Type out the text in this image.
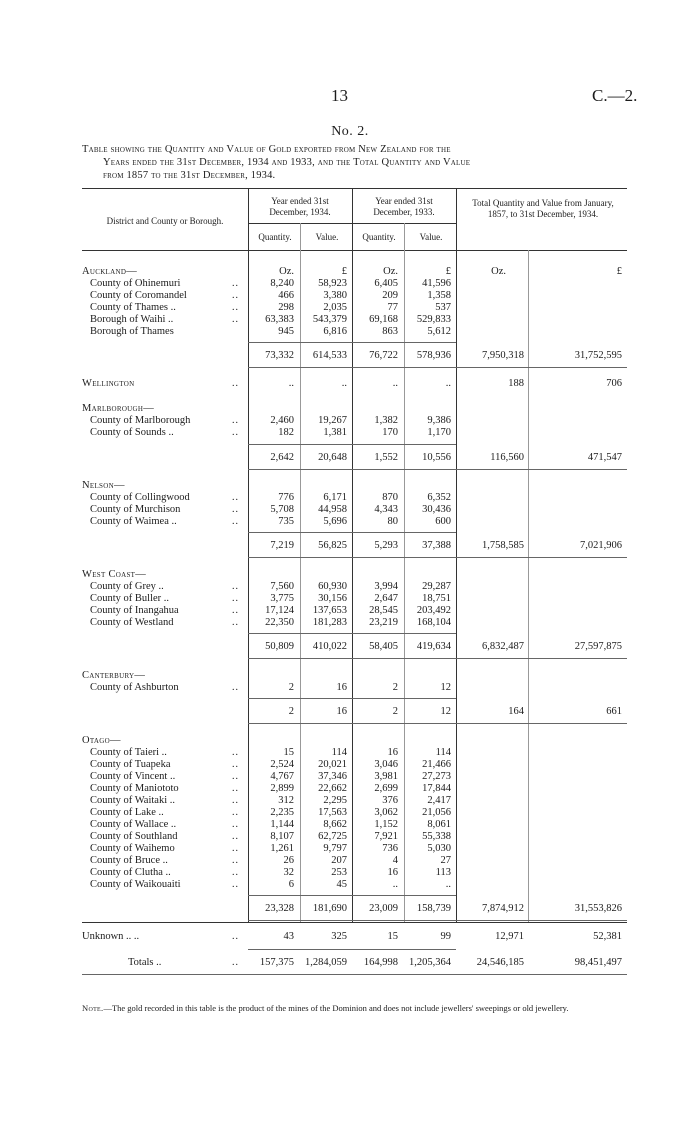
13	C.—2.
No. 2.
Table showing the Quantity and Value of Gold exported from New Zealand for the
Years ended the 31st December, 1934 and 1933, and the Total Quantity and Value
from 1857 to the 31st December, 1934.
District and County or Borough.
Year ended 31st December, 1934.
Year ended 31st December, 1933.
Total Quantity and Value from January, 1857, to 31st December, 1934.
Quantity.	Value.	Quantity.	Value.
Oz.	£	Oz.	£	Oz.	£
Auckland—
County of Ohinemuri	..	8,240	58,923	6,405	41,596
County of Coromandel	..	466	3,380	209	1,358
County of Thames ..	..	298	2,035	77	537
Borough of Waihi ..	..	63,383	543,379	69,168	529,833
Borough of Thames	945	6,816	863	5,612
73,332	614,533	76,722	578,936	7,950,318	31,752,595
Wellington	..	..	..	..	..	188	706
Marlborough—
County of Marlborough	..	2,460	19,267	1,382	9,386
County of Sounds ..	..	182	1,381	170	1,170
2,642	20,648	1,552	10,556	116,560	471,547
Nelson—
County of Collingwood	..	776	6,171	870	6,352
County of Murchison	..	5,708	44,958	4,343	30,436
County of Waimea ..	..	735	5,696	80	600
7,219	56,825	5,293	37,388	1,758,585	7,021,906
West Coast—
County of Grey ..	..	7,560	60,930	3,994	29,287
County of Buller ..	..	3,775	30,156	2,647	18,751
County of Inangahua	..	17,124	137,653	28,545	203,492
County of Westland	..	22,350	181,283	23,219	168,104
50,809	410,022	58,405	419,634	6,832,487	27,597,875
Canterbury—
County of Ashburton	..	2	16	2	12
2	16	2	12	164	661
Otago—
County of Taieri ..	..	15	114	16	114
County of Tuapeka	..	2,524	20,021	3,046	21,466
County of Vincent ..	..	4,767	37,346	3,981	27,273
County of Maniototo	..	2,899	22,662	2,699	17,844
County of Waitaki ..	..	312	2,295	376	2,417
County of Lake ..	..	2,235	17,563	3,062	21,056
County of Wallace ..	..	1,144	8,662	1,152	8,061
County of Southland	..	8,107	62,725	7,921	55,338
County of Waihemo	..	1,261	9,797	736	5,030
County of Bruce ..	..	26	207	4	27
County of Clutha ..	..	32	253	16	113
County of Waikouaiti	..	6	45	..	..
23,328	181,690	23,009	158,739	7,874,912	31,553,826
Unknown .. ..	..	43	325	15	99	12,971	52,381
Totals ..	..	157,375 1,284,059	164,998 1,205,364	24,546,185	98,451,497
Note.—The gold recorded in this table is the product of the mines of the Dominion and does not include jewellers' sweepings or old jewellery.
